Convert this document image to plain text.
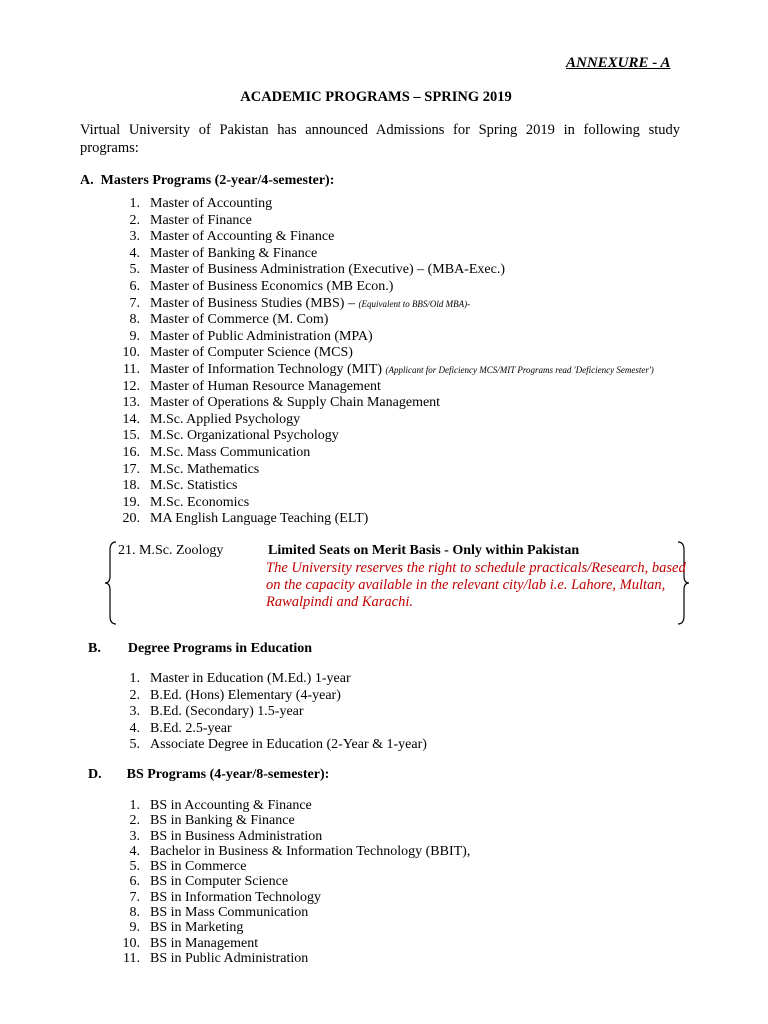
ANNEXURE - A
ACADEMIC PROGRAMS – SPRING 2019
Virtual University of Pakistan has announced Admissions for Spring 2019 in following study programs:
A. Masters Programs (2-year/4-semester):
1. Master of Accounting
2. Master of Finance
3. Master of Accounting & Finance
4. Master of Banking & Finance
5. Master of Business Administration (Executive) – (MBA-Exec.)
6. Master of Business Economics (MB Econ.)
7. Master of Business Studies (MBS) – (Equivalent to BBS/Old MBA)-
8. Master of Commerce (M. Com)
9. Master of Public Administration (MPA)
10. Master of Computer Science (MCS)
11. Master of Information Technology (MIT) (Applicant for Deficiency MCS/MIT Programs read 'Deficiency Semester')
12. Master of Human Resource Management
13. Master of Operations & Supply Chain Management
14. M.Sc. Applied Psychology
15. M.Sc. Organizational Psychology
16. M.Sc. Mass Communication
17. M.Sc. Mathematics
18. M.Sc. Statistics
19. M.Sc. Economics
20. MA English Language Teaching (ELT)
21. M.Sc. Zoology	Limited Seats on Merit Basis - Only within Pakistan
The University reserves the right to schedule practicals/Research, based on the capacity available in the relevant city/lab i.e. Lahore, Multan, Rawalpindi and Karachi.
B. Degree Programs in Education
1. Master in Education (M.Ed.) 1-year
2. B.Ed. (Hons) Elementary (4-year)
3. B.Ed. (Secondary) 1.5-year
4. B.Ed. 2.5-year
5. Associate Degree in Education (2-Year & 1-year)
D. BS Programs (4-year/8-semester):
1. BS in Accounting & Finance
2. BS in Banking & Finance
3. BS in Business Administration
4. Bachelor in Business & Information Technology (BBIT),
5. BS in Commerce
6. BS in Computer Science
7. BS in Information Technology
8. BS in Mass Communication
9. BS in Marketing
10. BS in Management
11. BS in Public Administration
